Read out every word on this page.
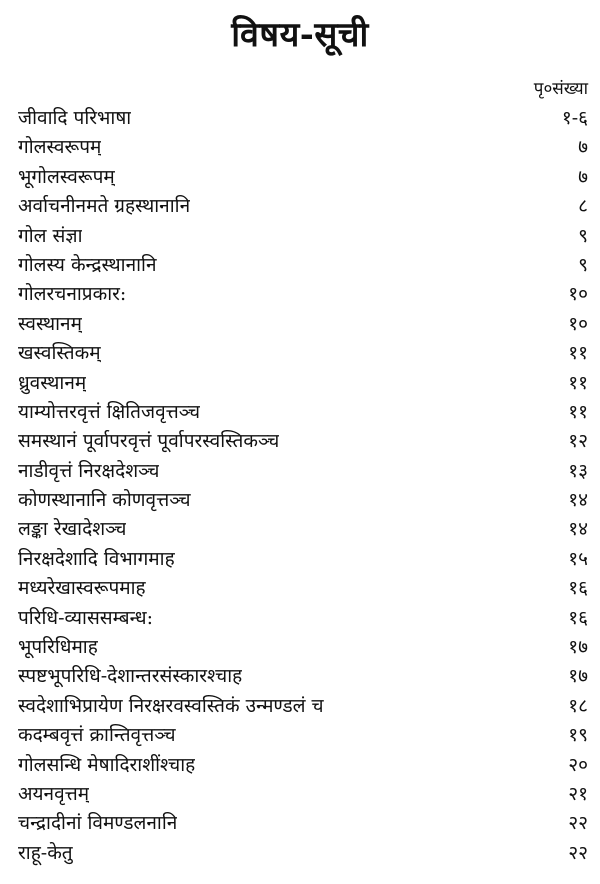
विषय-सूची
पृ०संख्या
जीवादि परिभाषा	१-६
गोलस्वरूपम्	७
भूगोलस्वरूपम्	७
अर्वाचनीनमते ग्रहस्थानानि	८
गोल संज्ञा	९
गोलस्य केन्द्रस्थानानि	९
गोलरचनाप्रकार:	१०
स्वस्थानम्	१०
खस्वस्तिकम्	११
ध्रुवस्थानम्	११
याम्योत्तरवृत्तं क्षितिजवृत्तञ्च	११
समस्थानं पूर्वापरवृत्तं पूर्वापरस्वस्तिकञ्च	१२
नाडीवृत्तं निरक्षदेशञ्च	१३
कोणस्थानानि कोणवृत्तञ्च	१४
लङ्का रेखादेशञ्च	१४
निरक्षदेशादि विभागमाह	१५
मध्यरेखास्वरूपमाह	१६
परिधि-व्याससम्बन्ध:	१६
भूपरिधिमाह	१७
स्पष्टभूपरिधि-देशान्तरसंस्कारश्चाह	१७
स्वदेशाभिप्रायेण निरक्षरवस्वस्तिकं उन्मण्डलं च	१८
कदम्बवृत्तं क्रान्तिवृत्तञ्च	१९
गोलसन्धि मेषादिराशींश्चाह	२०
अयनवृत्तम्	२१
चन्द्रादीनां विमण्डलनानि	२२
राहू-केतु	२२
